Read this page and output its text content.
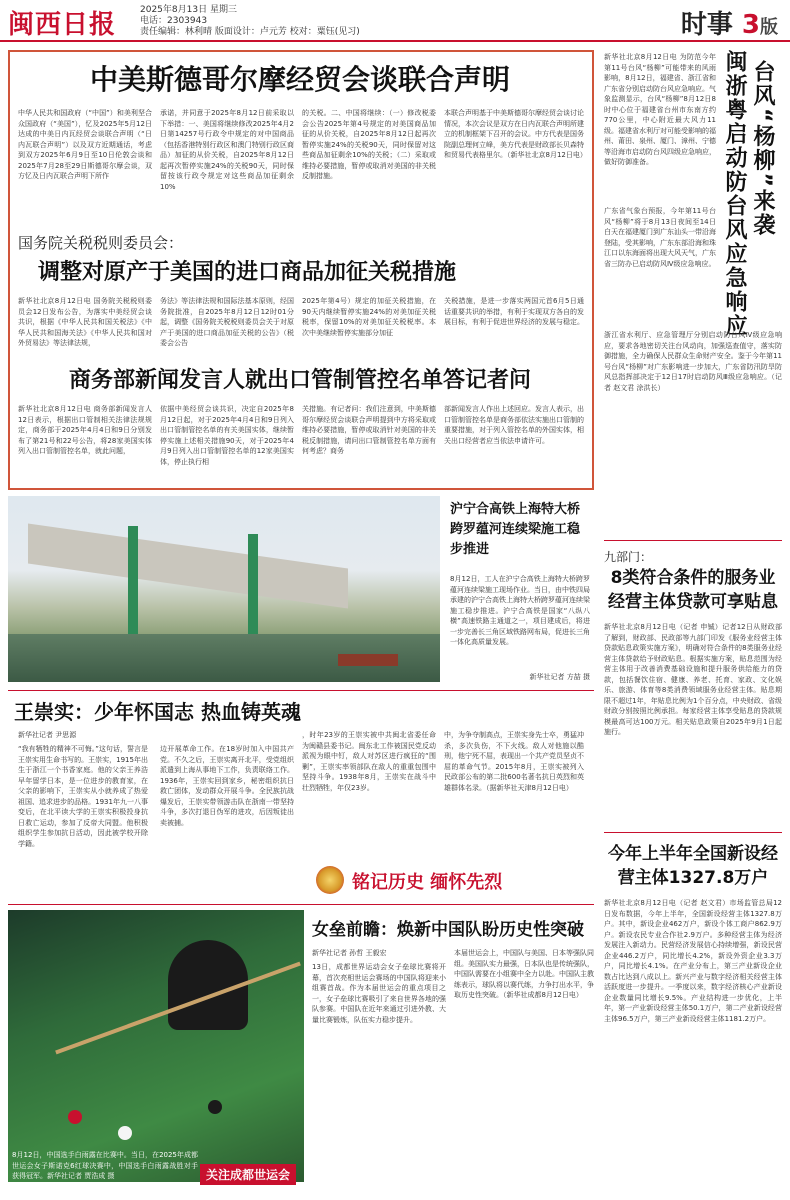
闽西日报	2025年8月13日 星期三
电话：2303943
责任编辑：林利晴 版面设计：卢元芳 校对：粟钰(见习)	时事 3版
中美斯德哥尔摩经贸会谈联合声明
中华人民共和国政府（“中国”）和美利坚合众国政府（“美国”），忆及2025年5月12日达成的中美日内瓦经贸会谈联合声明（“日内瓦联合声明”）以及双方近期通话，考虑到双方2025年6月9日至10日伦敦会谈和2025年7月28至29日斯德哥尔摩会谈，双方忆及日内瓦联合声明下所作
承诺，并同意于2025年8月12日前采取以下举措：一、美国将继续修改2025年4月2日第14257号行政令中规定的对中国商品（包括香港特别行政区和澳门特别行政区商品）加征的从价关税，自2025年8月12日起再次暂停实施24%的关税90天，同时保留按该行政令规定对这些商品加征剩余10%
的关税。二、中国将继续：（一）修改税委会公告2025年第4号规定的对美国商品加征的从价关税，自2025年8月12日起再次暂停实施24%的关税90天，同时保留对这些商品加征剩余10%的关税；（二）采取或维持必要措施，暂停或取消对美国的非关税反制措施。
本联合声明基于中美斯德哥尔摩经贸会谈讨论情况，本次会议是双方在日内瓦联合声明所建立的机制框架下召开的会议。中方代表是国务院副总理何立峰，美方代表是财政部长贝森特和贸易代表格里尔。（新华社北京8月12日电）
国务院关税税则委员会：
调整对原产于美国的进口商品加征关税措施
新华社北京8月12日电 国务院关税税则委员会12日发布公告，为落实中美经贸会谈共识，根据《中华人民共和国关税法》《中华人民共和国海关法》《中华人民共和国对外贸易法》等法律法规，
务法》等法律法规和国际法基本原则，经国务院批准，自2025年8月12日12时01分起，调整《国务院关税税则委员会关于对原产于美国的进口商品加征关税的公告》（税委会公告
2025年第4号）规定的加征关税措施，在90天内继续暂停实施24%的对美加征关税税率，保留10%的对美加征关税税率。本次中美继续暂停实施部分加征
关税措施，是进一步落实两国元首6月5日通话重要共识的举措，有利于实现双方各自的发展目标，有利于促进世界经济的发展与稳定。
商务部新闻发言人就出口管制管控名单答记者问
新华社北京8月12日电 商务部新闻发言人12日表示，根据出口管制相关法律法规规定，商务部于2025年4月4日和9日分别发布了第21号和22号公告，将28家美国实体列入出口管制管控名单，就此问题，
依据中美经贸会谈共识，决定自2025年8月12日起，对于2025年4月4日和9日列入出口管制管控名单的有关美国实体，继续暂停实施上述相关措施90天，对于2025年4月9日列入出口管制管控名单的12家美国实体，停止执行相
关措施。有记者问：我们注意到，中美斯德哥尔摩经贸会谈联合声明提到中方将采取或维持必要措施，暂停或取消针对美国的非关税反制措施，请问出口管制管控名单方面有何考虑？商务
部新闻发言人作出上述回应。发言人表示，出口管制管控名单是商务部依法实施出口管制的重要措施，对于列入管控名单的外国实体，相关出口经营者应当依法申请许可。
新华社北京8月12日电 为防范今年第11号台风“杨柳”可能带来的风雨影响，8月12日，福建省、浙江省和广东省分别启动防台风应急响应。气象监测显示，台风“杨柳”8月12日8时中心位于福建省台州市东南方约770公里，中心附近最大风力11级。福建省水利厅对可能受影响的福州、莆田、泉州、厦门、漳州、宁德等沿海市启动防台风四级应急响应，做好防御准备。	台风“杨柳”来袭
闽浙粤启动防台风应急响应
广东省气象台预报，今年第11号台风“杨柳”将于8月13日夜间至14日白天在福建厦门到广东汕头一带沿海登陆，受其影响，广东东部沿海和珠江口以东海面将出现大风天气，广东省三防办已启动防风Ⅳ级应急响应。
浙江省水利厅、应急管理厅分别启动防台风Ⅳ级应急响应，要求各地密切关注台风动向，加强巡查值守，落实防御措施，全力确保人民群众生命财产安全。鉴于今年第11号台风“杨柳”对广东影响进一步加大，广东省防汛防旱防风总指挥部决定于12日17时启动防风Ⅲ级应急响应。（记者 赵文君 涂洪长）
九部门：
8类符合条件的服务业经营主体贷款可享贴息
新华社北京8月12日电（记者 申铖）记者12日从财政部了解到，财政部、民政部等九部门印发《服务业经营主体贷款贴息政策实施方案》，明确对符合条件的8类服务业经营主体贷款给予财政贴息。根据实施方案，贴息范围为经营主体用于改善消费基础设施和提升服务供给能力的贷款，包括餐饮住宿、健康、养老、托育、家政、文化娱乐、旅游、体育等8类消费领域服务业经营主体。贴息期限不超过1年，年贴息比例为1个百分点，中央财政、省级财政分别按照比例承担。每家经营主体享受贴息的贷款规模最高可达100万元。相关贴息政策自2025年9月1日起施行。
沪宁合高铁上海特大桥跨罗蕴河连续梁施工稳步推进
8月12日，工人在沪宁合高铁上海特大桥跨罗蕴河连续梁施工现场作业。当日，由中铁四局承建的沪宁合高铁上海特大桥跨罗蕴河连续梁施工稳步推进。沪宁合高铁是国家“八纵八横”高速铁路主通道之一，项目建成后，将进一步完善长三角区域铁路网布局，促进长三角一体化高质量发展。
新华社记者 方喆 摄
王崇实：少年怀国志 热血铸英魂
新华社记者 尹思源
“我有牺牲的精神不可悔。”这句话，誓言是王崇实用生命书写的。王崇实，1915年出生于浙江一个书香家庭。他的父亲王养浩早年留学日本，是一位进步的教育家，在父亲的影响下，王崇实从小就养成了热爱祖国、追求进步的品格。1931年九一八事变后，在北平读大学的王崇实积极投身抗日救亡运动，参加了反帝大同盟。他积极组织学生参加抗日活动，因此被学校开除学籍。
边开展革命工作。在18岁时加入中国共产党。不久之后，王崇实离开北平，受党组织派遣到上海从事地下工作，负责联络工作。1936年，王崇实回到家乡，秘密组织抗日救亡团体，发动群众开展斗争。全民族抗战爆发后，王崇实带领游击队在浙南一带坚持斗争，多次打退日伪军的进攻，后因叛徒出卖被捕。
，时年23岁的王崇实被中共闽北省委任命为闽赣县委书记。闽东北工作被国民党反动派视为眼中钉，敌人对苏区进行疯狂的“围剿”，王崇实率领部队在敌人的重重包围中坚持斗争。1938年8月，王崇实在战斗中壮烈牺牲，年仅23岁。
中，为争夺制高点，王崇实身先士卒，勇猛冲杀，多次负伤，不下火线。敌人对他施以酷刑，他宁死不屈，表现出一个共产党员坚贞不屈的革命气节。2015年8月，王崇实被列入民政部公布的第二批600名著名抗日英烈和英雄群体名录。（据新华社天津8月12日电）
铭记历史 缅怀先烈
8月12日，中国选手白雨露在比赛中。当日，在2025年成都世运会女子斯诺克6红球决赛中，中国选手白雨露战胜对手获得冠军。新华社记者 贾浩成 摄	关注成都世运会
女垒前瞻：焕新中国队盼历史性突破
新华社记者 孙哲 王毅宏
13日，成都世界运动会女子垒球比赛将开幕，首次亮相世运会赛场的中国队将迎来小组赛首战。作为本届世运会的重点项目之一，女子垒球比赛吸引了来自世界各地的强队参赛。中国队在近年来通过引进外教、大量比赛锻炼，队伍实力稳步提升。
本届世运会上，中国队与美国、日本等强队同组。美国队实力最强，日本队也是传统强队，中国队需要在小组赛中全力以赴。中国队主教练表示，球队将以赛代练，力争打出水平，争取历史性突破。（新华社成都8月12日电）
今年上半年全国新设经营主体1327.8万户
新华社北京8月12日电（记者 赵文君）市场监管总局12日发布数据，今年上半年，全国新设经营主体1327.8万户。其中，新设企业462万户，新设个体工商户862.9万户。新设农民专业合作社2.9万户。多种经营主体为经济发展注入新动力。民营经济发展信心持续增强，新设民营企业446.2万户，同比增长4.2%，新设外资企业3.3万户，同比增长4.1%。在产业分布上，第三产业新设企业数占比达到八成以上。新兴产业与数字经济相关经营主体活跃度进一步提升。一季度以来，数字经济核心产业新设企业数量同比增长9.5%。产业结构进一步优化，上半年，第一产业新设经营主体50.1万户，第二产业新设经营主体96.5万户，第三产业新设经营主体1181.2万户。
